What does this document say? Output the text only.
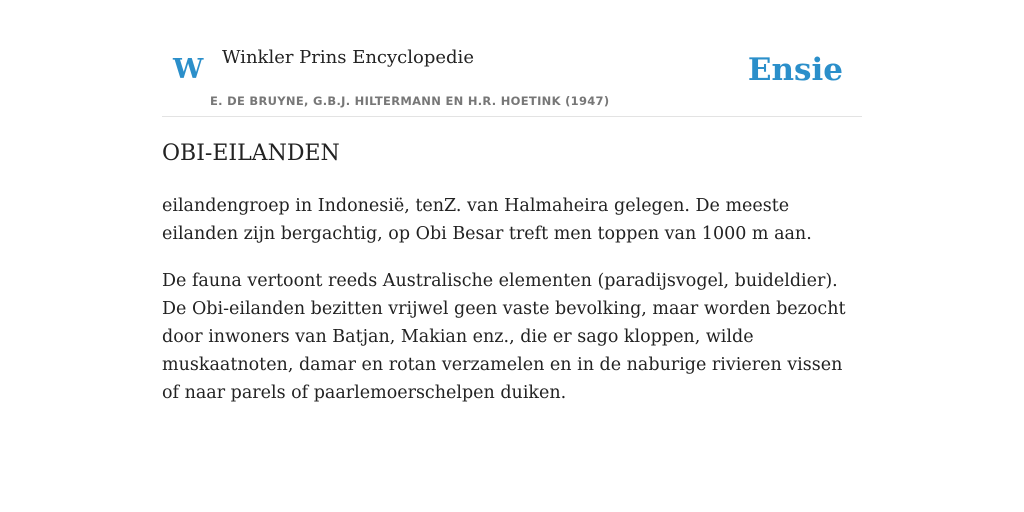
W Winkler Prins Encyclopedie
E. DE BRUYNE, G.B.J. HILTERMANN EN H.R. HOETINK (1947)
Ensie
OBI-EILANDEN

eilandengroep in Indonesië, tenZ. van Halmaheira gelegen. De meeste eilanden zijn bergachtig, op Obi Besar treft men toppen van 1000 m aan.

De fauna vertoont reeds Australische elementen (paradijsvogel, buideldier). De Obi-eilanden bezitten vrijwel geen vaste bevolking, maar worden bezocht door inwoners van Batjan, Makian enz., die er sago kloppen, wilde muskaatnoten, damar en rotan verzamelen en in de naburige rivieren vissen of naar parels of paarlemoerschelpen duiken.
